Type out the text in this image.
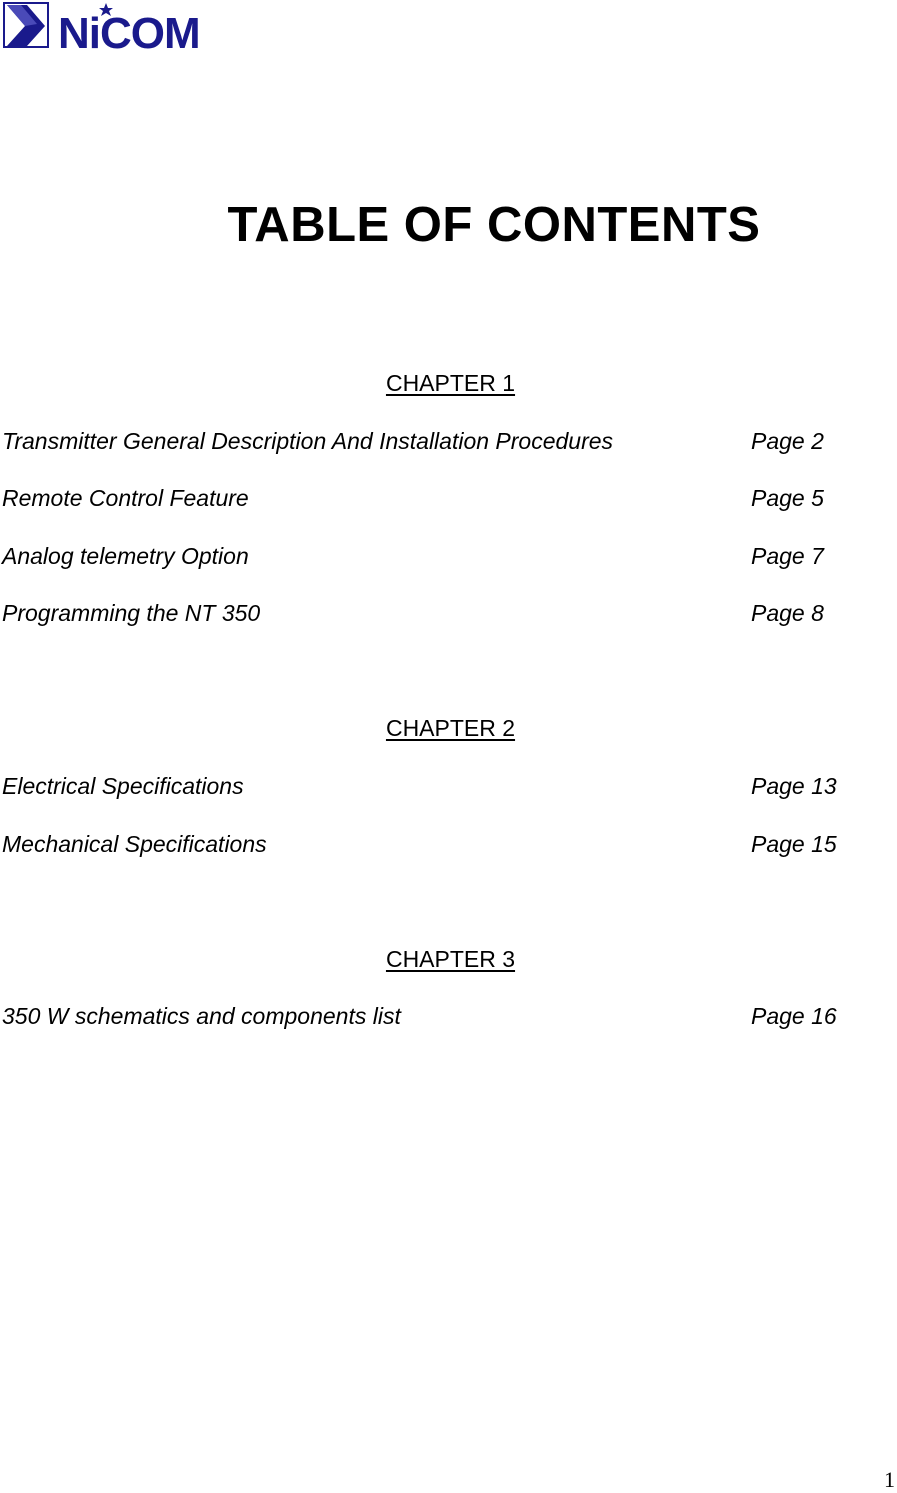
NiCOM
TABLE OF CONTENTS
CHAPTER 1
Transmitter General Description And Installation Procedures	Page 2
Remote Control Feature	Page 5
Analog telemetry Option	Page 7
Programming the NT 350	Page 8
CHAPTER 2
Electrical Specifications	Page 13
Mechanical Specifications	Page 15
CHAPTER 3
350 W schematics and components list	Page 16
1
